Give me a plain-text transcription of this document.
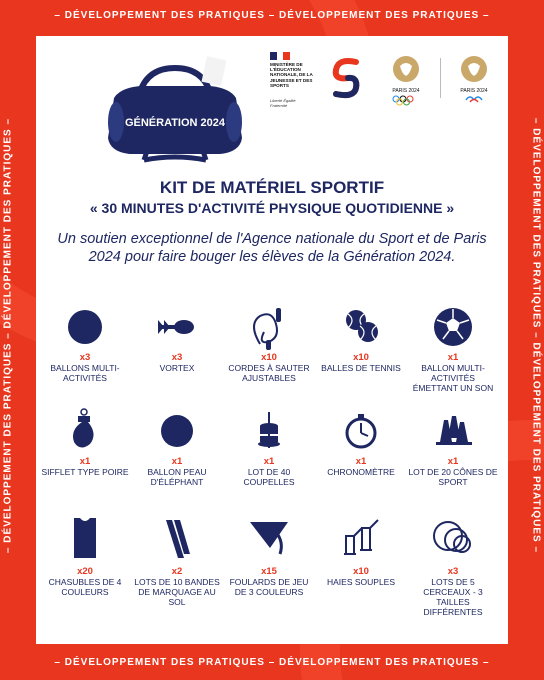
– DÉVELOPPEMENT DES PRATIQUES – DÉVELOPPEMENT DES PRATIQUES –
– DÉVELOPPEMENT DES PRATIQUES – DÉVELOPPEMENT DES PRATIQUES –
– DÉVELOPPEMENT DES PRATIQUES – DÉVELOPPEMENT DES PRATIQUES –	– DÉVELOPPEMENT DES PRATIQUES – DÉVELOPPEMENT DES PRATIQUES –
GÉNÉRATION 2024
MINISTÈRE DE L'ÉDUCATION NATIONALE, DE LA JEUNESSE ET DES SPORTS
Liberté Égalité Fraternité
PARIS 2024	PARIS 2024
KIT DE MATÉRIEL SPORTIF
« 30 MINUTES D'ACTIVITÉ PHYSIQUE QUOTIDIENNE »
Un soutien exceptionnel de l'Agence nationale du Sport et de Paris 2024 pour faire bouger les élèves de la Génération 2024.
x3
BALLONS MULTI-ACTIVITÉS
x3
VORTEX
x10
CORDES À SAUTER AJUSTABLES
x10
BALLES DE TENNIS
x1
BALLON MULTI-ACTIVITÉS ÉMETTANT UN SON
x1
SIFFLET TYPE POIRE
x1
BALLON PEAU D'ÉLÉPHANT
x1
LOT DE 40 COUPELLES
x1
CHRONOMÈTRE
x1
LOT DE 20 CÔNES DE SPORT
x20
CHASUBLES DE 4 COULEURS
x2
LOTS DE 10 BANDES DE MARQUAGE AU SOL
x15
FOULARDS DE JEU DE 3 COULEURS
x10
HAIES SOUPLES
x3
LOTS DE 5 CERCEAUX - 3 TAILLES DIFFÉRENTES
